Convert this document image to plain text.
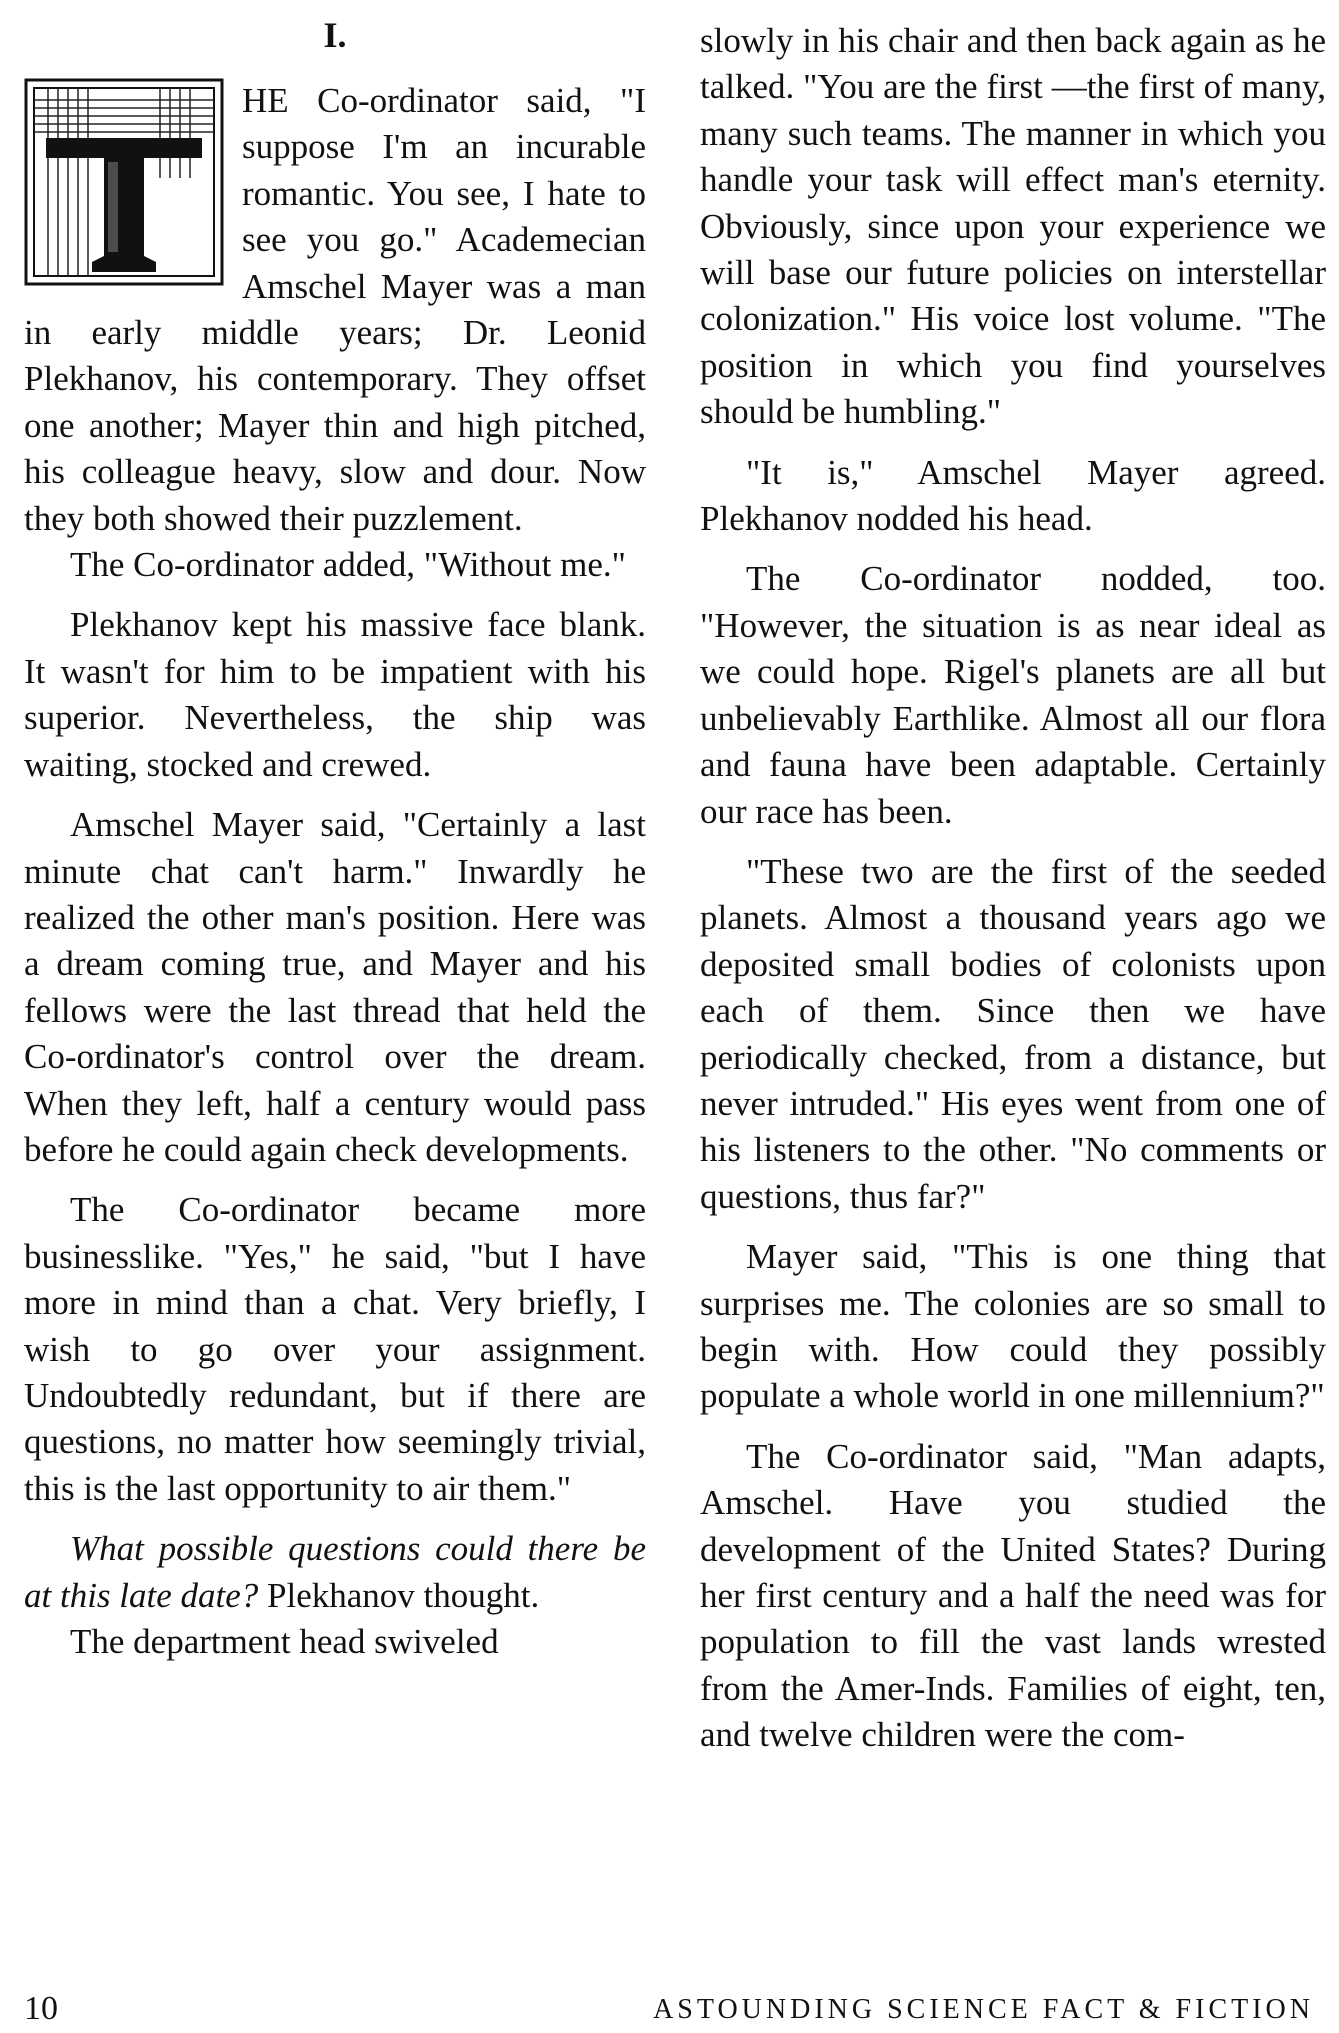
I.

HE Co-ordinator said, "I suppose I'm an incurable romantic. You see, I hate to see you go." Academecian Amschel Mayer was a man in early middle years; Dr. Leonid Plekhanov, his contemporary. They offset one another; Mayer thin and high pitched, his colleague heavy, slow and dour. Now they both showed their puzzlement.

The Co-ordinator added, "Without me."

Plekhanov kept his massive face blank. It wasn't for him to be impatient with his superior. Nevertheless, the ship was waiting, stocked and crewed.

Amschel Mayer said, "Certainly a last minute chat can't harm." Inwardly he realized the other man's position. Here was a dream coming true, and Mayer and his fellows were the last thread that held the Co-ordinator's control over the dream. When they left, half a century would pass before he could again check developments.

The Co-ordinator became more businesslike. "Yes," he said, "but I have more in mind than a chat. Very briefly, I wish to go over your assignment. Undoubtedly redundant, but if there are questions, no matter how seemingly trivial, this is the last opportunity to air them."

What possible questions could there be at this late date? Plekhanov thought.

The department head swiveled

slowly in his chair and then back again as he talked. "You are the first —the first of many, many such teams. The manner in which you handle your task will effect man's eternity. Obviously, since upon your experience we will base our future policies on interstellar colonization." His voice lost volume. "The position in which you find yourselves should be humbling."

"It is," Amschel Mayer agreed. Plekhanov nodded his head.

The Co-ordinator nodded, too. "However, the situation is as near ideal as we could hope. Rigel's planets are all but unbelievably Earthlike. Almost all our flora and fauna have been adaptable. Certainly our race has been.

"These two are the first of the seeded planets. Almost a thousand years ago we deposited small bodies of colonists upon each of them. Since then we have periodically checked, from a distance, but never intruded." His eyes went from one of his listeners to the other. "No comments or questions, thus far?"

Mayer said, "This is one thing that surprises me. The colonies are so small to begin with. How could they possibly populate a whole world in one millennium?"

The Co-ordinator said, "Man adapts, Amschel. Have you studied the development of the United States? During her first century and a half the need was for population to fill the vast lands wrested from the Amer-Inds. Families of eight, ten, and twelve children were the com-

10	ASTOUNDING SCIENCE FACT & FICTION
